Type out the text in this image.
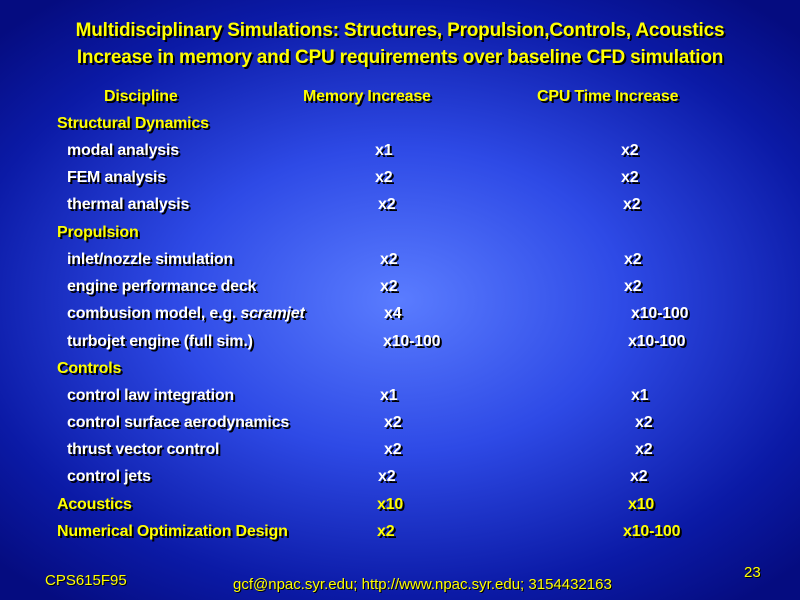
Multidisciplinary Simulations: Structures, Propulsion,Controls, Acoustics
Increase in memory and CPU requirements over baseline CFD simulation
Discipline	Memory Increase	CPU Time Increase
Structural Dynamics
modal analysis	x1	x2
FEM analysis	x2	x2
thermal analysis	x2	x2
Propulsion
inlet/nozzle simulation	x2	x2
engine performance deck	x2	x2
combusion model, e.g. scramjet	x4	x10-100
turbojet engine (full sim.)	x10-100	x10-100
Controls
control law integration	x1	x1
control surface aerodynamics	x2	x2
thrust vector control	x2	x2
control jets	x2	x2
Acoustics	x10	x10
Numerical Optimization Design	x2	x10-100
CPS615F95	gcf@npac.syr.edu; http://www.npac.syr.edu; 3154432163
23
